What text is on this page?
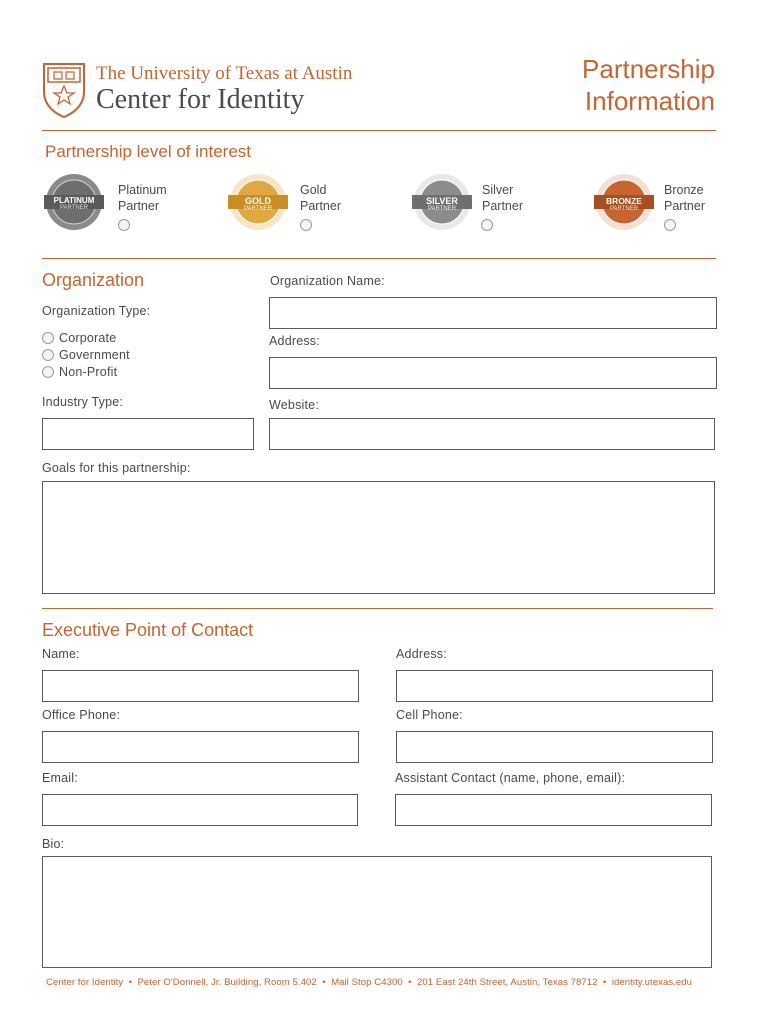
The University of Texas at Austin
Center for Identity
Partnership
Information
Partnership level of interest
PLATINUM
PARTNER
Platinum
Partner	GOLD
PARTNER
Gold
Partner	SILVER
PARTNER
Silver
Partner	BRONZE
PARTNER
Bronze
Partner
Organization	Organization Name:
Organization Type:
Corporate
Government
Non-Profit
Address:
Industry Type:	Website:
Goals for this partnership:
Executive Point of Contact
Name:	Address:
Office Phone:	Cell Phone:
Email:	Assistant Contact (name, phone, email):
Bio:
Center for Identity  •  Peter O'Donnell, Jr. Building, Room 5.402  •  Mail Stop C4300  •  201 East 24th Street, Austin, Texas 78712  •  identity.utexas.edu
